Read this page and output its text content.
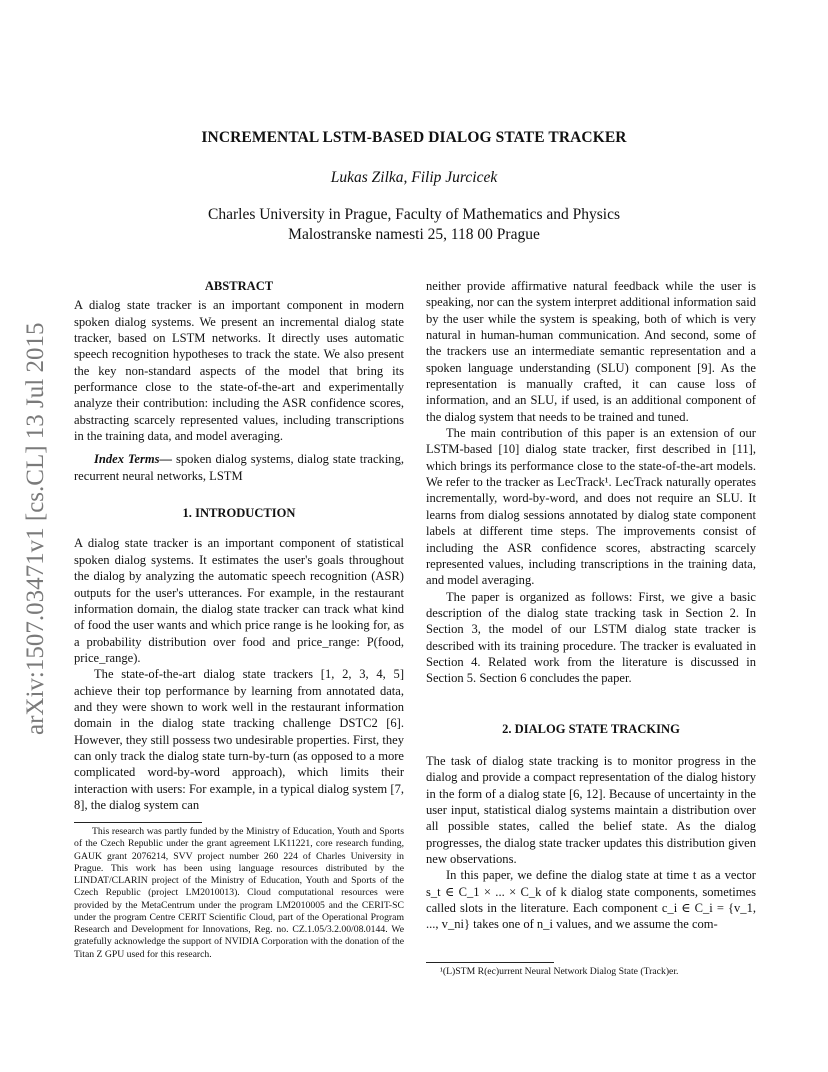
arXiv:1507.03471v1 [cs.CL] 13 Jul 2015
INCREMENTAL LSTM-BASED DIALOG STATE TRACKER
Lukas Zilka, Filip Jurcicek
Charles University in Prague, Faculty of Mathematics and Physics
Malostranske namesti 25, 118 00 Prague
ABSTRACT

A dialog state tracker is an important component in modern spoken dialog systems. We present an incremental dialog state tracker, based on LSTM networks. It directly uses automatic speech recognition hypotheses to track the state. We also present the key non-standard aspects of the model that bring its performance close to the state-of-the-art and experimentally analyze their contribution: including the ASR confidence scores, abstracting scarcely represented values, including transcriptions in the training data, and model averaging.

Index Terms— spoken dialog systems, dialog state tracking, recurrent neural networks, LSTM

1. INTRODUCTION

A dialog state tracker is an important component of statistical spoken dialog systems. It estimates the user's goals throughout the dialog by analyzing the automatic speech recognition (ASR) outputs for the user's utterances. For example, in the restaurant information domain, the dialog state tracker can track what kind of food the user wants and which price range is he looking for, as a probability distribution over food and price_range: P(food, price_range).

The state-of-the-art dialog state trackers [1, 2, 3, 4, 5] achieve their top performance by learning from annotated data, and they were shown to work well in the restaurant information domain in the dialog state tracking challenge DSTC2 [6]. However, they still possess two undesirable properties. First, they can only track the dialog state turn-by-turn (as opposed to a more complicated word-by-word approach), which limits their interaction with users: For example, in a typical dialog system [7, 8], the dialog system can

This research was partly funded by the Ministry of Education, Youth and Sports of the Czech Republic under the grant agreement LK11221, core research funding, GAUK grant 2076214, SVV project number 260 224 of Charles University in Prague. This work has been using language resources distributed by the LINDAT/CLARIN project of the Ministry of Education, Youth and Sports of the Czech Republic (project LM2010013). Cloud computational resources were provided by the MetaCentrum under the program LM2010005 and the CERIT-SC under the program Centre CERIT Scientific Cloud, part of the Operational Program Research and Development for Innovations, Reg. no. CZ.1.05/3.2.00/08.0144. We gratefully acknowledge the support of NVIDIA Corporation with the donation of the Titan Z GPU used for this research.

neither provide affirmative natural feedback while the user is speaking, nor can the system interpret additional information said by the user while the system is speaking, both of which is very natural in human-human communication. And second, some of the trackers use an intermediate semantic representation and a spoken language understanding (SLU) component [9]. As the representation is manually crafted, it can cause loss of information, and an SLU, if used, is an additional component of the dialog system that needs to be trained and tuned.

The main contribution of this paper is an extension of our LSTM-based [10] dialog state tracker, first described in [11], which brings its performance close to the state-of-the-art models. We refer to the tracker as LecTrack¹. LecTrack naturally operates incrementally, word-by-word, and does not require an SLU. It learns from dialog sessions annotated by dialog state component labels at different time steps. The improvements consist of including the ASR confidence scores, abstracting scarcely represented values, including transcriptions in the training data, and model averaging.

The paper is organized as follows: First, we give a basic description of the dialog state tracking task in Section 2. In Section 3, the model of our LSTM dialog state tracker is described with its training procedure. The tracker is evaluated in Section 4. Related work from the literature is discussed in Section 5. Section 6 concludes the paper.

2. DIALOG STATE TRACKING

The task of dialog state tracking is to monitor progress in the dialog and provide a compact representation of the dialog history in the form of a dialog state [6, 12]. Because of uncertainty in the user input, statistical dialog systems maintain a distribution over all possible states, called the belief state. As the dialog progresses, the dialog state tracker updates this distribution given new observations.

In this paper, we define the dialog state at time t as a vector s_t ∈ C_1 × ... × C_k of k dialog state components, sometimes called slots in the literature. Each component c_i ∈ C_i = {v_1, ..., v_ni} takes one of n_i values, and we assume the com-

¹(L)STM R(ec)urrent Neural Network Dialog State (Track)er.
